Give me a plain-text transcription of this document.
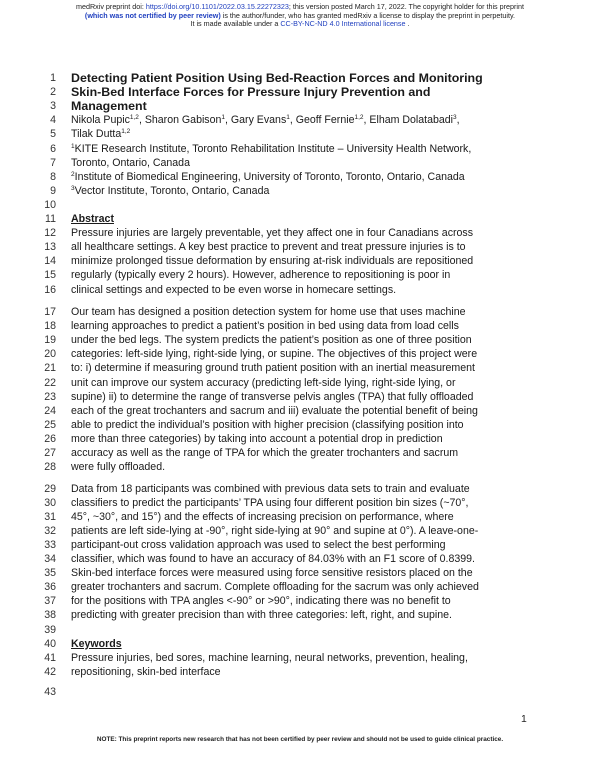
medRxiv preprint doi: https://doi.org/10.1101/2022.03.15.22272323; this version posted March 17, 2022. The copyright holder for this preprint
(which was not certified by peer review) is the author/funder, who has granted medRxiv a license to display the preprint in perpetuity.
It is made available under a CC-BY-NC-ND 4.0 International license .
1 Detecting Patient Position Using Bed-Reaction Forces and Monitoring
2 Skin-Bed Interface Forces for Pressure Injury Prevention and
3 Management
4 Nikola Pupic$^{1,2}$, Sharon Gabison$^1$, Gary Evans$^1$, Geoff Fernie$^{1,2}$, Elham Dolatabadi$^3$,
5 Tilak Dutta$^{1,2}$
6 $^1$KITE Research Institute, Toronto Rehabilitation Institute – University Health Network,
7 Toronto, Ontario, Canada
8 $^2$Institute of Biomedical Engineering, University of Toronto, Toronto, Ontario, Canada
9 $^3$Vector Institute, Toronto, Ontario, Canada
10
11 Abstract
12 Pressure injuries are largely preventable, yet they affect one in four Canadians across
13 all healthcare settings. A key best practice to prevent and treat pressure injuries is to
14 minimize prolonged tissue deformation by ensuring at-risk individuals are repositioned
15 regularly (typically every 2 hours). However, adherence to repositioning is poor in
16 clinical settings and expected to be even worse in homecare settings.
17 Our team has designed a position detection system for home use that uses machine
18 learning approaches to predict a patient’s position in bed using data from load cells
19 under the bed legs. The system predicts the patient’s position as one of three position
20 categories: left-side lying, right-side lying, or supine. The objectives of this project were
21 to: i) determine if measuring ground truth patient position with an inertial measurement
22 unit can improve our system accuracy (predicting left-side lying, right-side lying, or
23 supine) ii) to determine the range of transverse pelvis angles (TPA) that fully offloaded
24 each of the great trochanters and sacrum and iii) evaluate the potential benefit of being
25 able to predict the individual’s position with higher precision (classifying position into
26 more than three categories) by taking into account a potential drop in prediction
27 accuracy as well as the range of TPA for which the greater trochanters and sacrum
28 were fully offloaded.
29 Data from 18 participants was combined with previous data sets to train and evaluate
30 classifiers to predict the participants’ TPA using four different position bin sizes (~70°,
31 45°, ~30°, and 15°) and the effects of increasing precision on performance, where
32 patients are left side-lying at -90°, right side-lying at 90° and supine at 0°). A leave-one-
33 participant-out cross validation approach was used to select the best performing
34 classifier, which was found to have an accuracy of 84.03% with an F1 score of 0.8399.
35 Skin-bed interface forces were measured using force sensitive resistors placed on the
36 greater trochanters and sacrum. Complete offloading for the sacrum was only achieved
37 for the positions with TPA angles <-90° or >90°, indicating there was no benefit to
38 predicting with greater precision than with three categories: left, right, and supine.
39
40 Keywords
41 Pressure injuries, bed sores, machine learning, neural networks, prevention, healing,
42 repositioning, skin-bed interface
43
1
NOTE: This preprint reports new research that has not been certified by peer review and should not be used to guide clinical practice.
